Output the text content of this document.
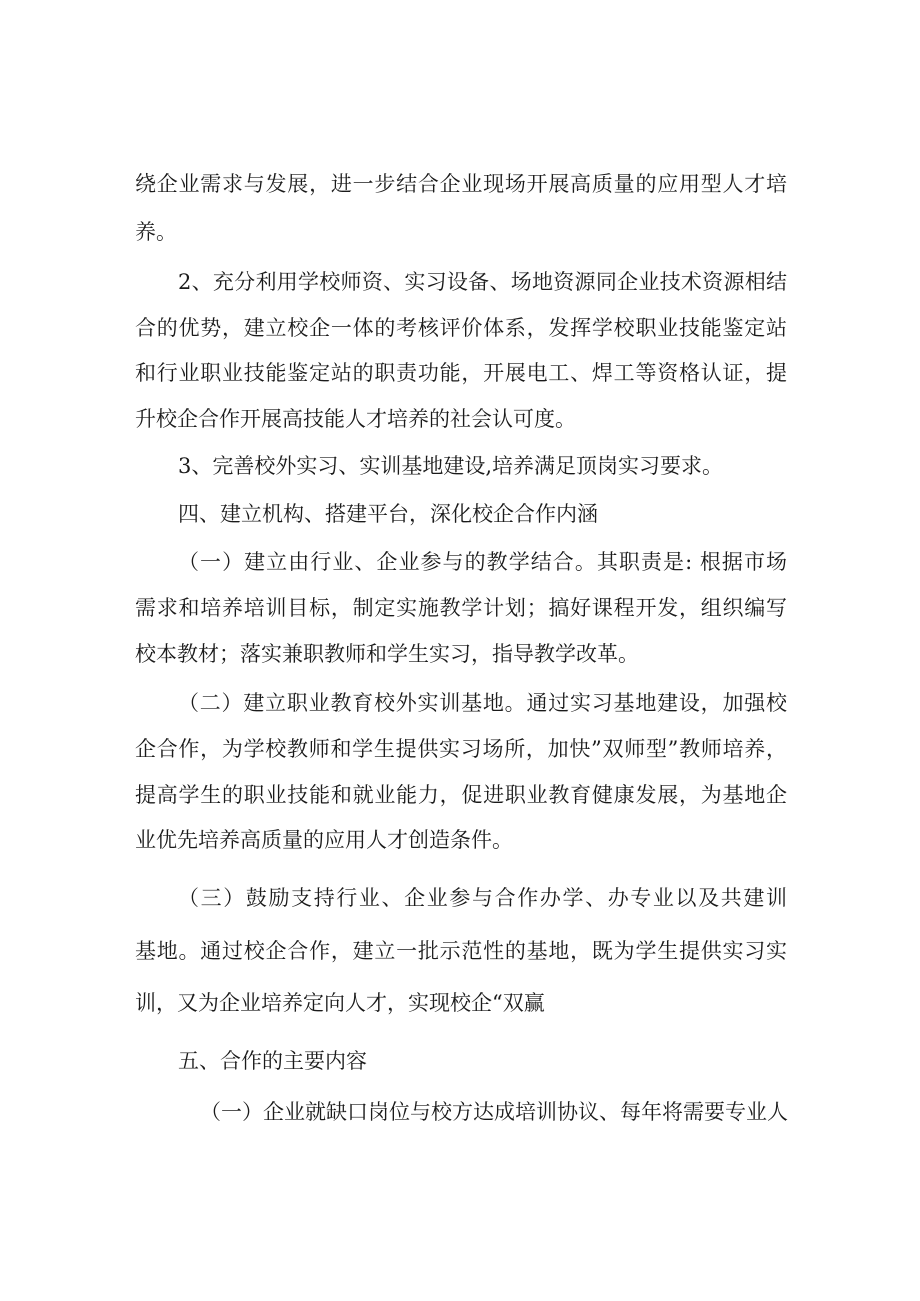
绕企业需求与发展，进一步结合企业现场开展高质量的应用型人才培
养。
2、充分利用学校师资、实习设备、场地资源同企业技术资源相结
合的优势，建立校企一体的考核评价体系，发挥学校职业技能鉴定站
和行业职业技能鉴定站的职责功能，开展电工、焊工等资格认证，提
升校企合作开展高技能人才培养的社会认可度。
3、完善校外实习、实训基地建设,培养满足顶岗实习要求。
四、建立机构、搭建平台，深化校企合作内涵
（一）建立由行业、企业参与的教学结合。其职责是: 根据市场
需求和培养培训目标，制定实施教学计划；搞好课程开发，组织编写
校本教材；落实兼职教师和学生实习，指导教学改革。
（二）建立职业教育校外实训基地。通过实习基地建设，加强校
企合作，为学校教师和学生提供实习场所，加快”双师型”教师培养，
提高学生的职业技能和就业能力，促进职业教育健康发展，为基地企
业优先培养高质量的应用人才创造条件。
（三）鼓励支持行业、企业参与合作办学、办专业以及共建训
基地。通过校企合作，建立一批示范性的基地，既为学生提供实习实
训，又为企业培养定向人才，实现校企“双赢
五、合作的主要内容
（一）企业就缺口岗位与校方达成培训协议、每年将需要专业人
